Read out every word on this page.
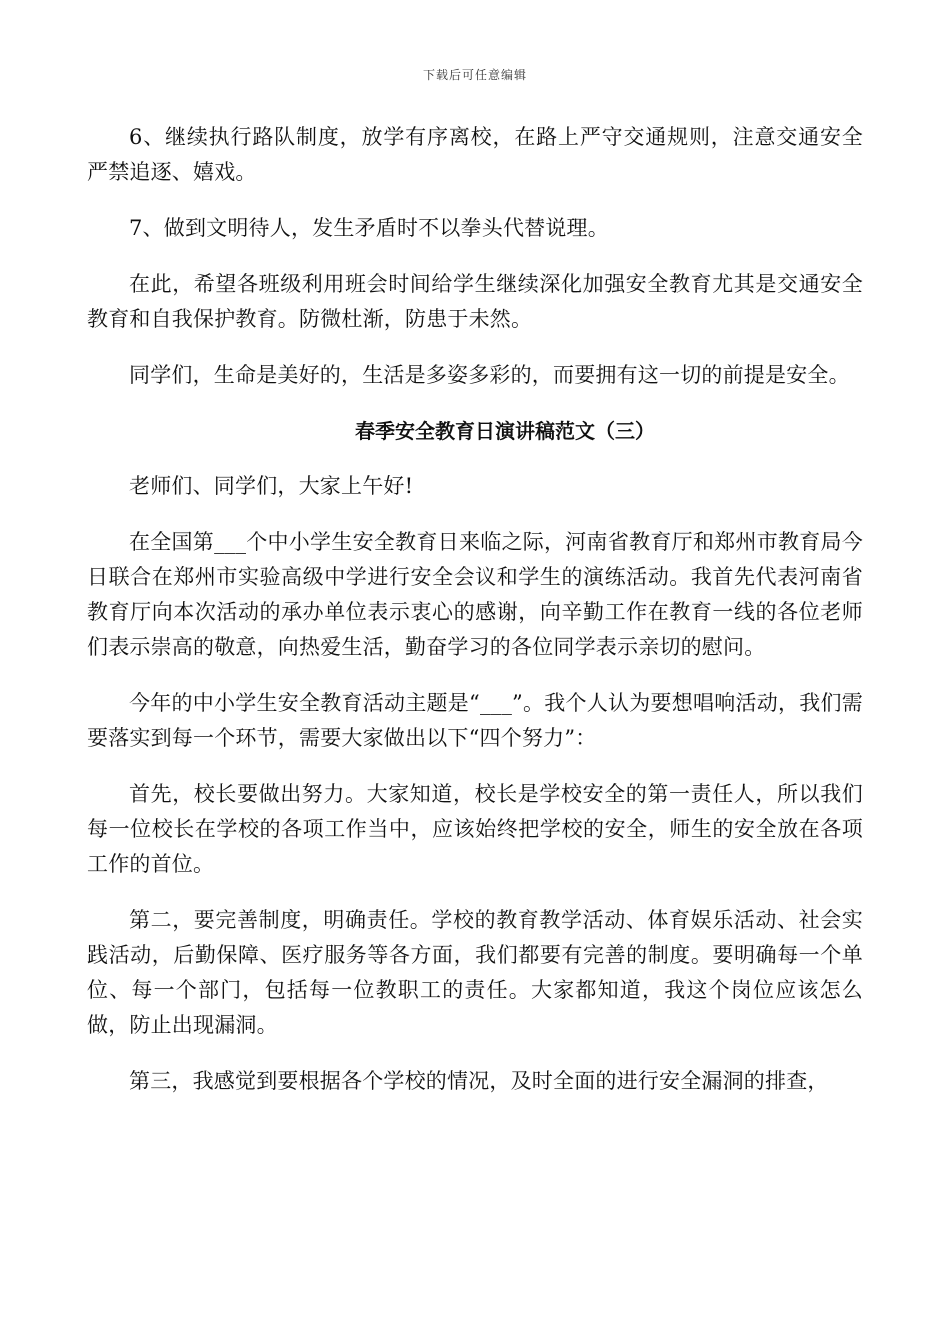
下载后可任意编辑

6、继续执行路队制度，放学有序离校，在路上严守交通规则，注意交通安全严禁追逐、嬉戏。

7、做到文明待人，发生矛盾时不以拳头代替说理。

在此，希望各班级利用班会时间给学生继续深化加强安全教育尤其是交通安全教育和自我保护教育。防微杜渐，防患于未然。

同学们，生命是美好的，生活是多姿多彩的，而要拥有这一切的前提是安全。

春季安全教育日演讲稿范文（三）

老师们、同学们，大家上午好!

在全国第___个中小学生安全教育日来临之际，河南省教育厅和郑州市教育局今日联合在郑州市实验高级中学进行安全会议和学生的演练活动。我首先代表河南省教育厅向本次活动的承办单位表示衷心的感谢，向辛勤工作在教育一线的各位老师们表示崇高的敬意，向热爱生活，勤奋学习的各位同学表示亲切的慰问。

今年的中小学生安全教育活动主题是“___”。我个人认为要想唱响活动，我们需要落实到每一个环节，需要大家做出以下“四个努力”：

首先，校长要做出努力。大家知道，校长是学校安全的第一责任人，所以我们每一位校长在学校的各项工作当中，应该始终把学校的安全，师生的安全放在各项工作的首位。

第二，要完善制度，明确责任。学校的教育教学活动、体育娱乐活动、社会实践活动，后勤保障、医疗服务等各方面，我们都要有完善的制度。要明确每一个单位、每一个部门，包括每一位教职工的责任。大家都知道，我这个岗位应该怎么做，防止出现漏洞。

第三，我感觉到要根据各个学校的情况，及时全面的进行安全漏洞的排查，
